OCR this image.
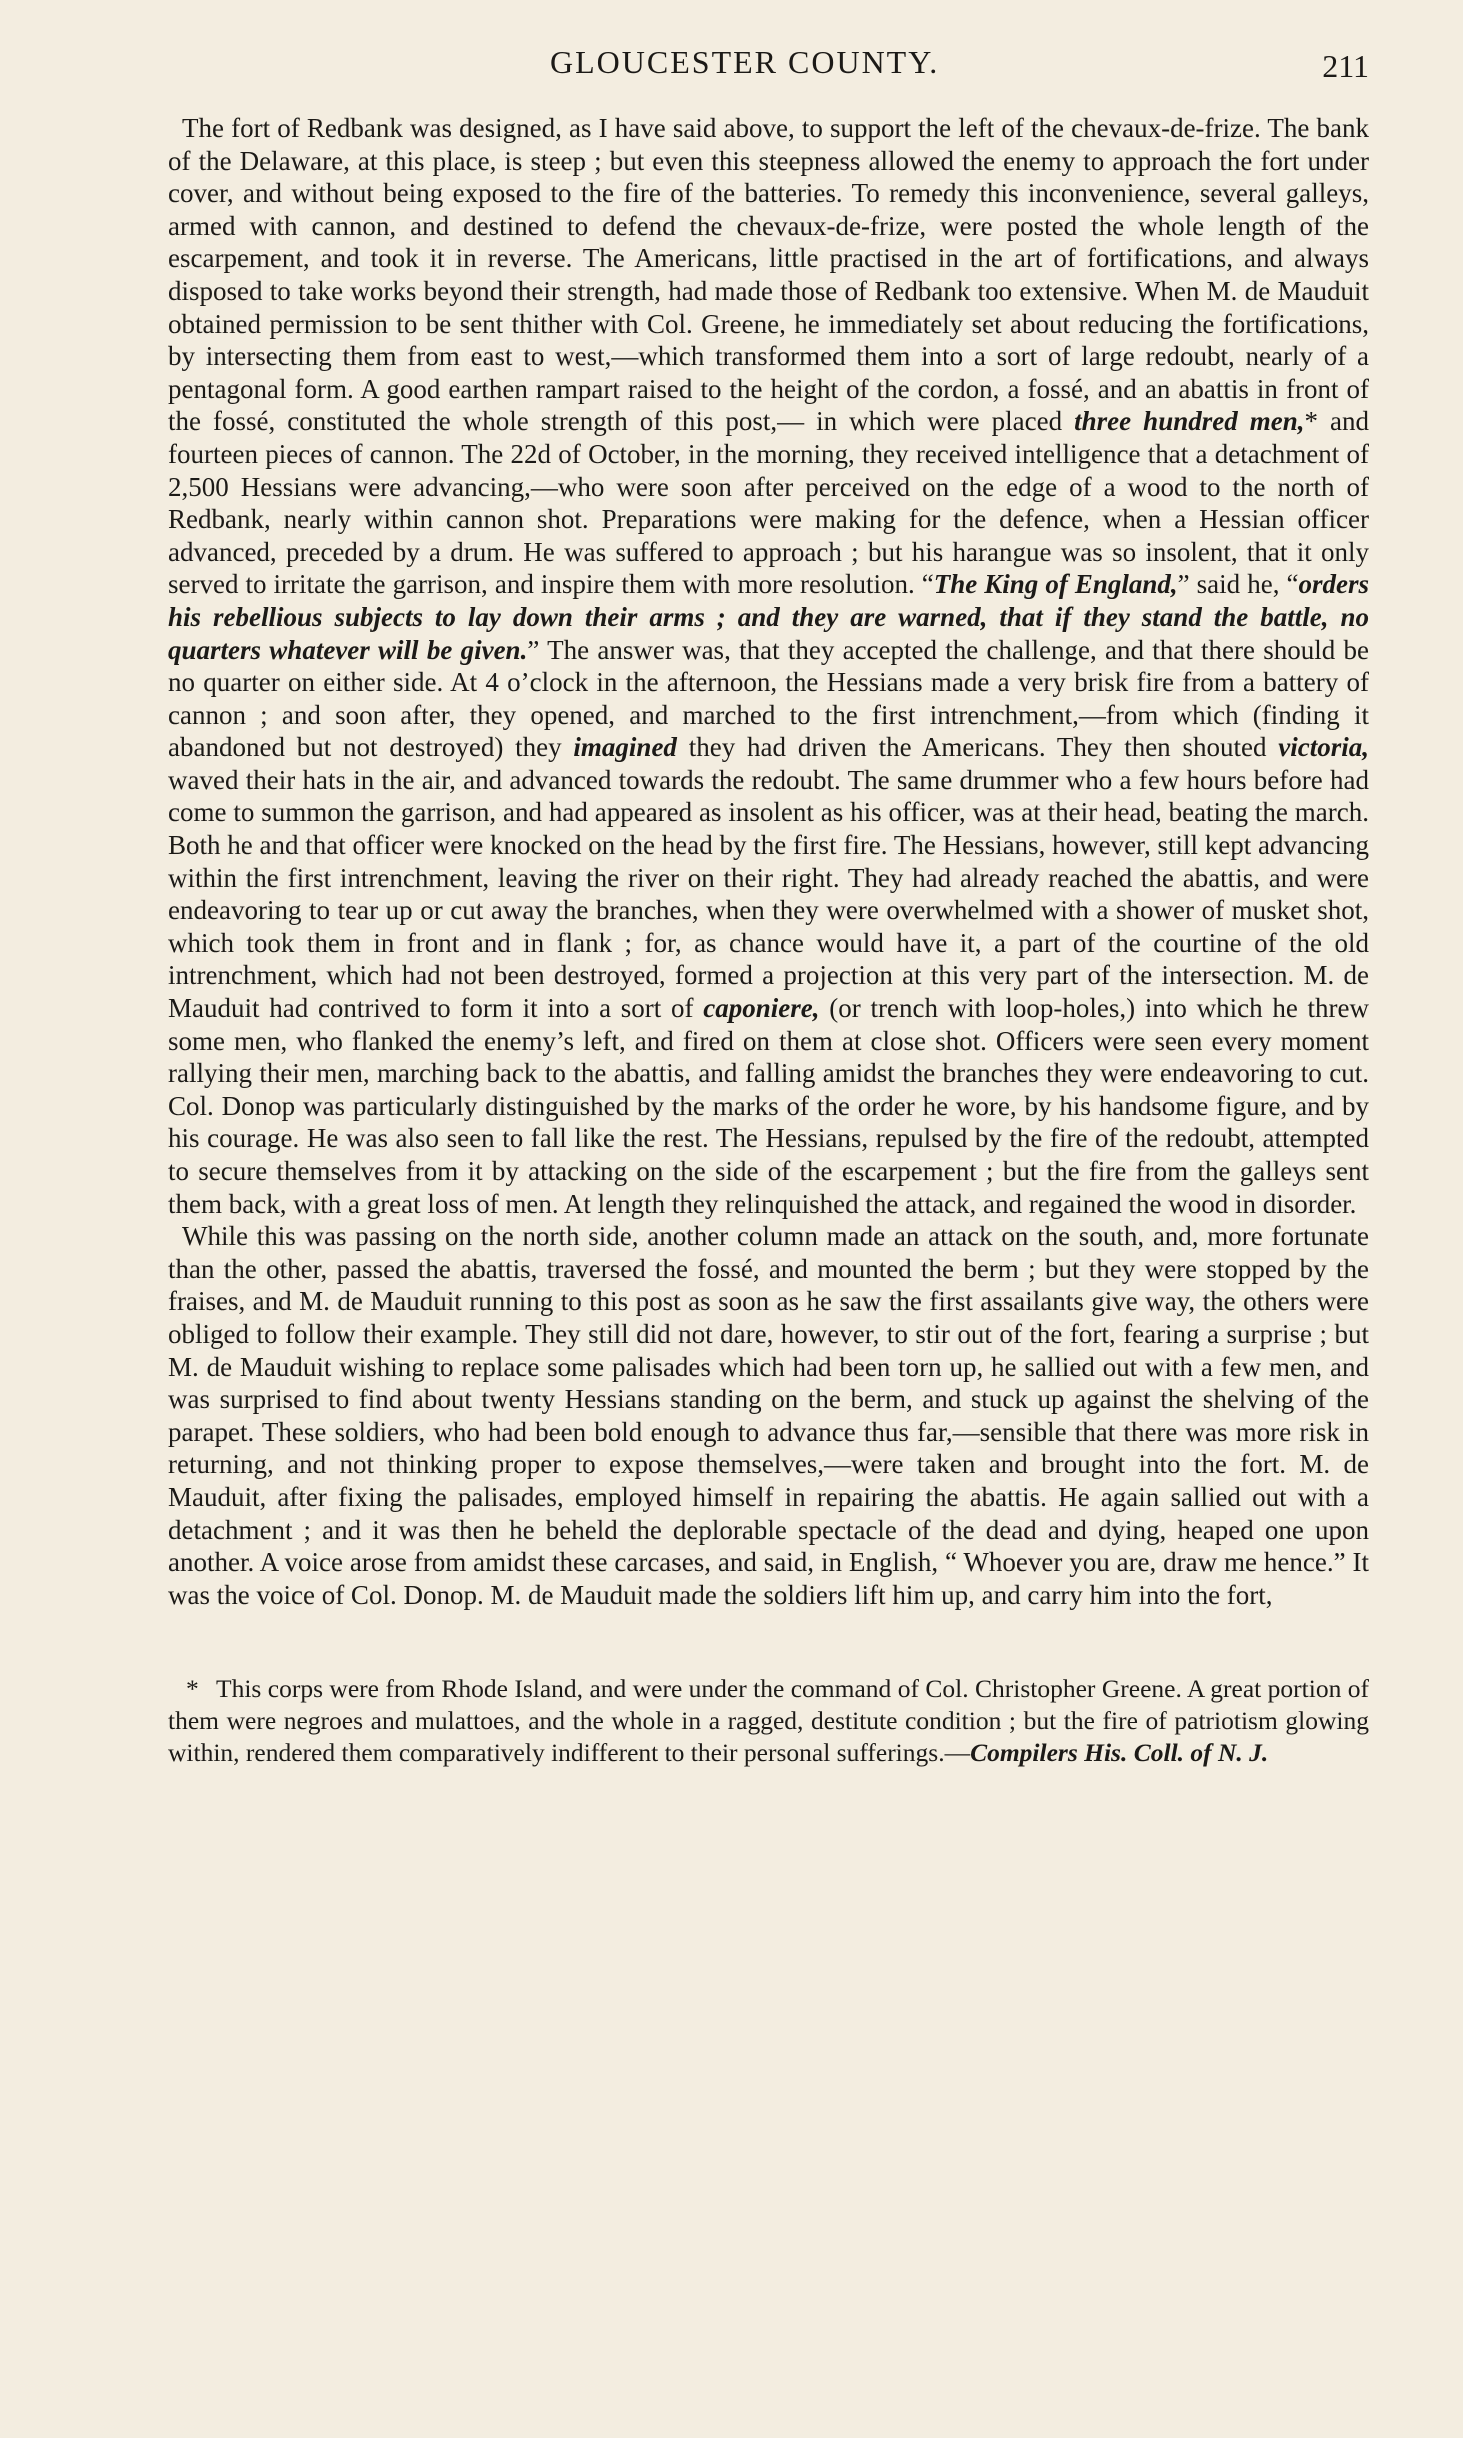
GLOUCESTER COUNTY.	211

The fort of Redbank was designed, as I have said above, to support the left of the chevaux-de-frize. The bank of the Delaware, at this place, is steep ; but even this steepness allowed the enemy to approach the fort under cover, and without being exposed to the fire of the batteries. To remedy this inconvenience, several galleys, armed with cannon, and destined to defend the chevaux-de-frize, were posted the whole length of the escarpement, and took it in reverse. The Americans, little practised in the art of fortifications, and always disposed to take works beyond their strength, had made those of Redbank too extensive. When M. de Mauduit obtained permission to be sent thither with Col. Greene, he immediately set about reducing the fortifications, by intersecting them from east to west,—which transformed them into a sort of large redoubt, nearly of a pentagonal form. A good earthen rampart raised to the height of the cordon, a fossé, and an abattis in front of the fossé, constituted the whole strength of this post,— in which were placed three hundred men,* and fourteen pieces of cannon. The 22d of October, in the morning, they received intelligence that a detachment of 2,500 Hessians were advancing,—who were soon after perceived on the edge of a wood to the north of Redbank, nearly within cannon shot. Preparations were making for the defence, when a Hessian officer advanced, preceded by a drum. He was suffered to approach ; but his harangue was so insolent, that it only served to irritate the garrison, and inspire them with more resolution. “The King of England,” said he, “orders his rebellious subjects to lay down their arms ; and they are warned, that if they stand the battle, no quarters whatever will be given.” The answer was, that they accepted the challenge, and that there should be no quarter on either side. At 4 o’clock in the afternoon, the Hessians made a very brisk fire from a battery of cannon ; and soon after, they opened, and marched to the first intrenchment,—from which (finding it abandoned but not destroyed) they imagined they had driven the Americans. They then shouted victoria, waved their hats in the air, and advanced towards the redoubt. The same drummer who a few hours before had come to summon the garrison, and had appeared as insolent as his officer, was at their head, beating the march. Both he and that officer were knocked on the head by the first fire. The Hessians, however, still kept advancing within the first intrenchment, leaving the river on their right. They had already reached the abattis, and were endeavoring to tear up or cut away the branches, when they were overwhelmed with a shower of musket shot, which took them in front and in flank ; for, as chance would have it, a part of the courtine of the old intrenchment, which had not been destroyed, formed a projection at this very part of the intersection. M. de Mauduit had contrived to form it into a sort of caponiere, (or trench with loop-holes,) into which he threw some men, who flanked the enemy’s left, and fired on them at close shot. Officers were seen every moment rallying their men, marching back to the abattis, and falling amidst the branches they were endeavoring to cut. Col. Donop was particularly distinguished by the marks of the order he wore, by his handsome figure, and by his courage. He was also seen to fall like the rest. The Hessians, repulsed by the fire of the redoubt, attempted to secure themselves from it by attacking on the side of the escarpement ; but the fire from the galleys sent them back, with a great loss of men. At length they relinquished the attack, and regained the wood in disorder.

While this was passing on the north side, another column made an attack on the south, and, more fortunate than the other, passed the abattis, traversed the fossé, and mounted the berm ; but they were stopped by the fraises, and M. de Mauduit running to this post as soon as he saw the first assailants give way, the others were obliged to follow their example. They still did not dare, however, to stir out of the fort, fearing a surprise ; but M. de Mauduit wishing to replace some palisades which had been torn up, he sallied out with a few men, and was surprised to find about twenty Hessians standing on the berm, and stuck up against the shelving of the parapet. These soldiers, who had been bold enough to advance thus far,—sensible that there was more risk in returning, and not thinking proper to expose themselves,—were taken and brought into the fort. M. de Mauduit, after fixing the palisades, employed himself in repairing the abattis. He again sallied out with a detachment ; and it was then he beheld the deplorable spectacle of the dead and dying, heaped one upon another. A voice arose from amidst these carcases, and said, in English, “ Whoever you are, draw me hence.” It was the voice of Col. Donop. M. de Mauduit made the soldiers lift him up, and carry him into the fort,

* This corps were from Rhode Island, and were under the command of Col. Christopher Greene. A great portion of them were negroes and mulattoes, and the whole in a ragged, destitute condition ; but the fire of patriotism glowing within, rendered them comparatively indifferent to their personal sufferings.—Compilers His. Coll. of N. J.
